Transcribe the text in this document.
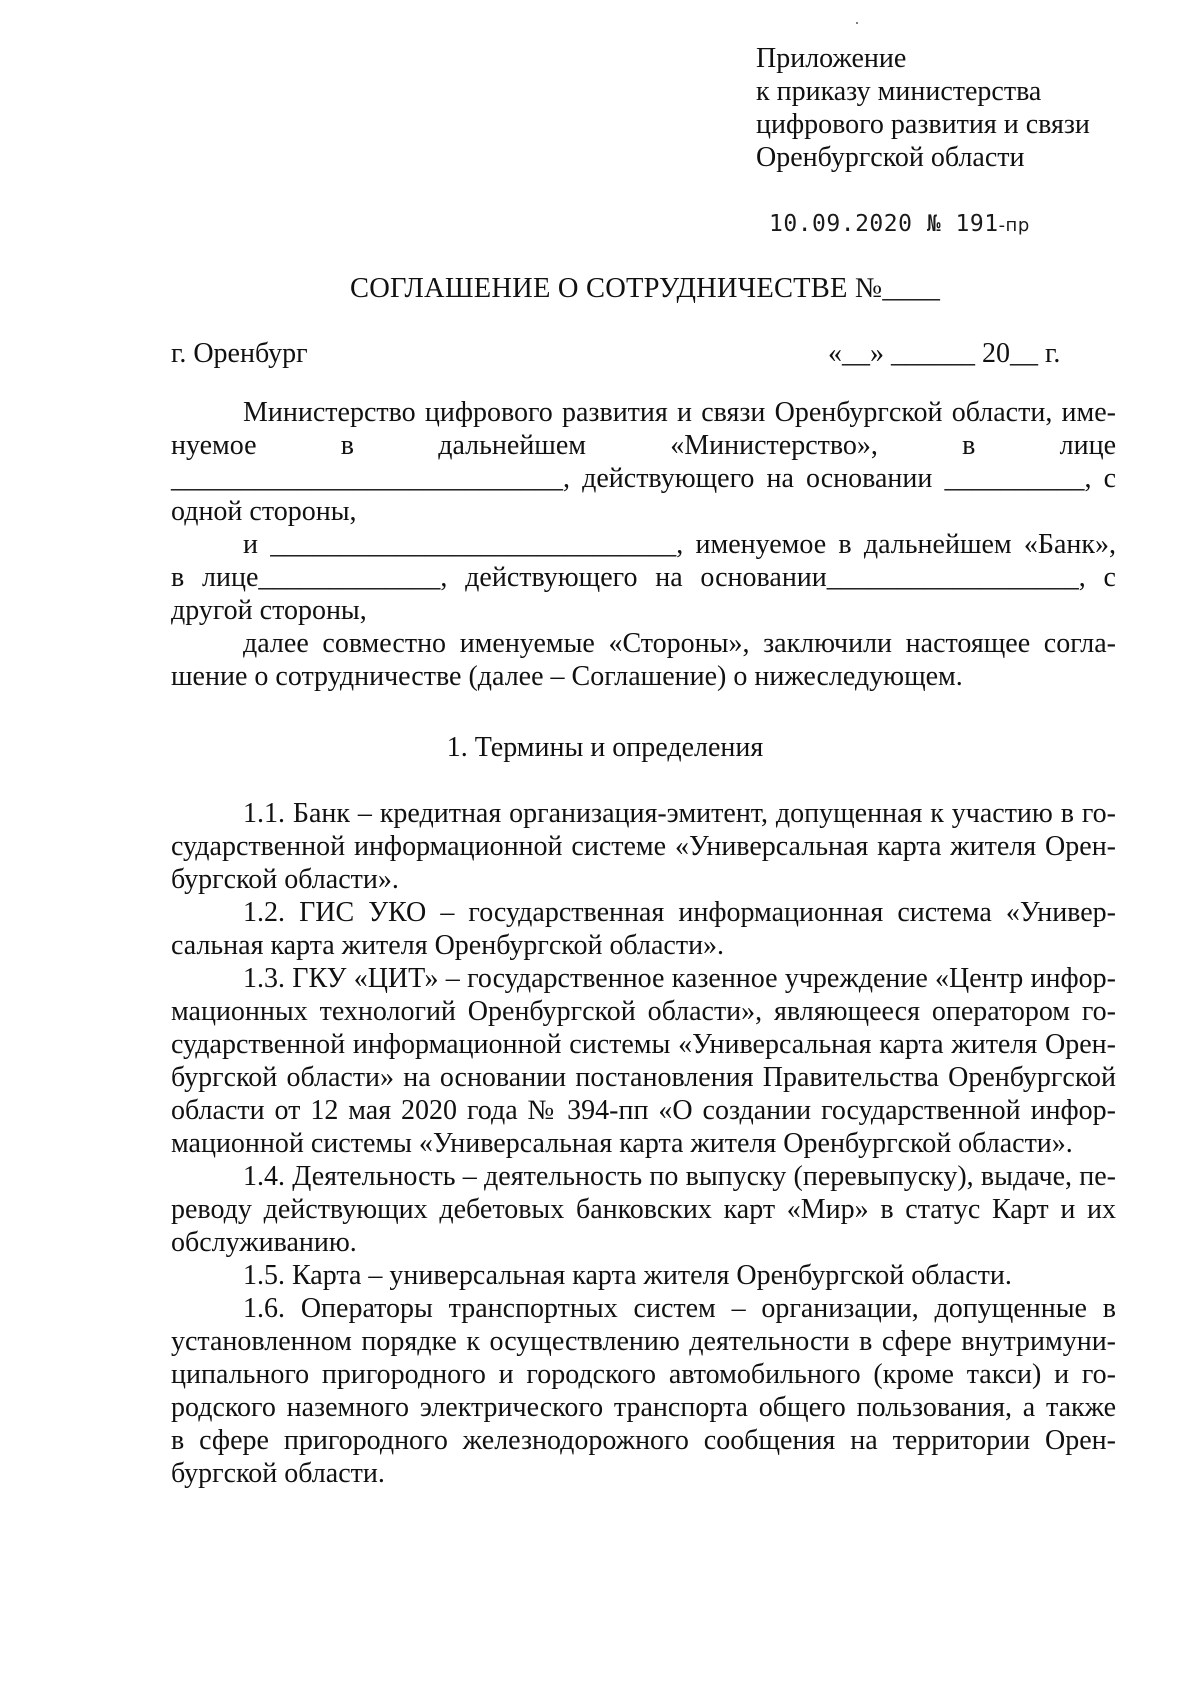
Приложение
к приказу министерства
цифрового развития и связи
Оренбургской области
10.09.2020 № 191-пр
СОГЛАШЕНИЕ О СОТРУДНИЧЕСТВЕ №____
г. Оренбург	«__» ______ 20__ г.
Министерство цифрового развития и связи Оренбургской области, име-
нуемое в дальнейшем «Министерство», в лице
____________________________, действующего на основании __________, с
одной стороны,
и _____________________________, именуемое в дальнейшем «Банк»,
в лице_____________, действующего на основании__________________, с
другой стороны,
далее совместно именуемые «Стороны», заключили настоящее согла-
шение о сотрудничестве (далее – Соглашение) о нижеследующем.
1. Термины и определения
1.1. Банк – кредитная организация-эмитент, допущенная к участию в го-
сударственной информационной системе «Универсальная карта жителя Орен-
бургской области».
1.2. ГИС УКО – государственная информационная система «Универ-
сальная карта жителя Оренбургской области».
1.3. ГКУ «ЦИТ» – государственное казенное учреждение «Центр инфор-
мационных технологий Оренбургской области», являющееся оператором го-
сударственной информационной системы «Универсальная карта жителя Орен-
бургской области» на основании постановления Правительства Оренбургской
области от 12 мая 2020 года № 394-пп «О создании государственной инфор-
мационной системы «Универсальная карта жителя Оренбургской области».
1.4. Деятельность – деятельность по выпуску (перевыпуску), выдаче, пе-
реводу действующих дебетовых банковских карт «Мир» в статус Карт и их
обслуживанию.
1.5. Карта – универсальная карта жителя Оренбургской области.
1.6. Операторы транспортных систем – организации, допущенные в
установленном порядке к осуществлению деятельности в сфере внутримуни-
ципального пригородного и городского автомобильного (кроме такси) и го-
родского наземного электрического транспорта общего пользования, а также
в сфере пригородного железнодорожного сообщения на территории Орен-
бургской области.
